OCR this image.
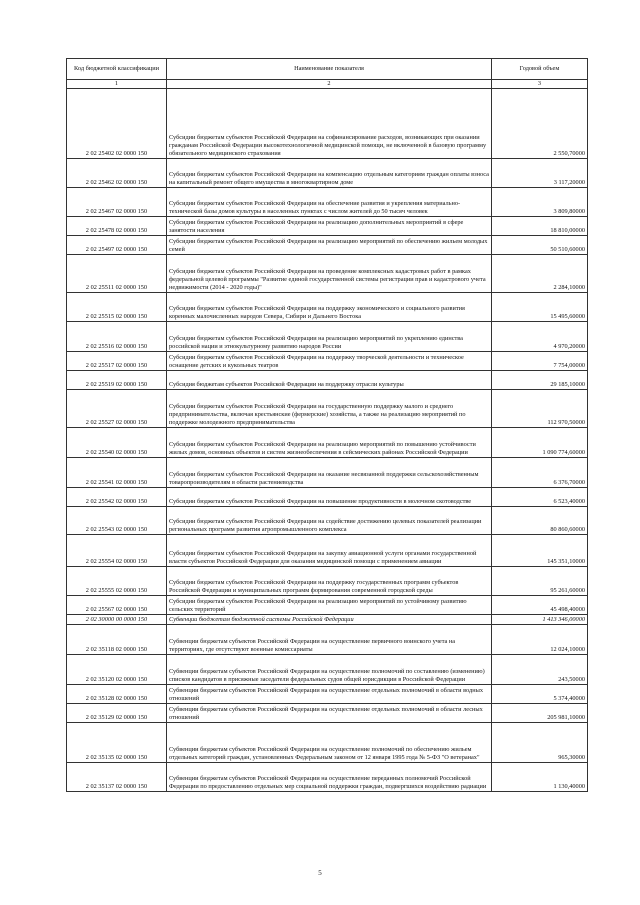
Код бюджетной классификации	Наименование показателя	Годовой объем
1	2	3
2 02 25402 02 0000 150	Субсидии бюджетам субъектов Российской Федерации на софинансирование расходов, возникающих при оказании гражданам Российской Федерации высокотехнологичной медицинской помощи, не включенной в базовую программу обязательного медицинского страхования	2 550,70000
2 02 25462 02 0000 150	Субсидии бюджетам субъектов Российской Федерации на компенсацию отдельным категориям граждан оплаты взноса на капитальный ремонт общего имущества в многоквартирном доме	3 117,20000
2 02 25467 02 0000 150	Субсидии бюджетам субъектов Российской Федерации на обеспечение развития и укрепления материально-технической базы домов культуры в населенных пунктах с числом жителей до 50 тысяч человек	3 809,80000
2 02 25478 02 0000 150	Субсидии бюджетам субъектов Российской Федерации на реализацию дополнительных мероприятий в сфере занятости населения	18 810,00000
2 02 25497 02 0000 150	Субсидии бюджетам субъектов Российской Федерации на реализацию мероприятий по обеспечению жильем молодых семей	50 510,60000
2 02 25511 02 0000 150	Субсидии бюджетам субъектов Российской Федерации на проведение комплексных кадастровых работ в рамках федеральной целевой программы "Развитие единой государственной системы регистрации прав и кадастрового учета недвижимости (2014 - 2020 годы)"	2 284,10000
2 02 25515 02 0000 150	Субсидии бюджетам субъектов Российской Федерации на поддержку экономического и социального развития коренных малочисленных народов Севера, Сибири и Дальнего Востока	15 495,60000
2 02 25516 02 0000 150	Субсидии бюджетам субъектов Российской Федерации на реализацию мероприятий по укреплению единства российской нации и этнокультурному развитию народов России	4 970,20000
2 02 25517 02 0000 150	Субсидии бюджетам субъектов Российской Федерации на поддержку творческой деятельности и техническое оснащение детских и кукольных театров	7 754,00000
2 02 25519 02 0000 150	Субсидия бюджетам субъектов Российской Федерации на поддержку отрасли культуры	29 185,10000
2 02 25527 02 0000 150	Субсидии бюджетам субъектов Российской Федерации на государственную поддержку малого и среднего предпринимательства, включая крестьянские (фермерские) хозяйства, а также на реализацию мероприятий по поддержке молодежного предпринимательства	112 970,50000
2 02 25540 02 0000 150	Субсидии бюджетам субъектов Российской Федерации на реализацию мероприятий по повышению устойчивости жилых домов, основных объектов и систем жизнеобеспечения в сейсмических районах Российской Федерации	1 090 774,60000
2 02 25541 02 0000 150	Субсидии бюджетам субъектов Российской Федерации на оказание несвязанной поддержки сельскохозяйственным товаропроизводителям в области растениеводства	6 376,70000
2 02 25542 02 0000 150	Субсидии бюджетам субъектов Российской Федерации на повышение продуктивности в молочном скотоводстве	6 523,40000
2 02 25543 02 0000 150	Субсидии бюджетам субъектов Российской Федерации на содействие достижению целевых показателей реализации региональных программ развития агропромышленного комплекса	80 860,60000
2 02 25554 02 0000 150	Субсидии бюджетам субъектов Российской Федерации на закупку авиационной услуги органами государственной власти субъектов Российской Федерации для оказания медицинской помощи с применением авиации	145 351,10000
2 02 25555 02 0000 150	Субсидии бюджетам субъектов Российской Федерации на поддержку государственных программ субъектов Российской Федерации и муниципальных программ формирования современной городской среды	95 261,60000
2 02 25567 02 0000 150	Субсидии бюджетам субъектов Российской Федерации на реализацию мероприятий по устойчивому развитию сельских территорий	45 498,40000
2 02 30000 00 0000 150	Субвенции бюджетам бюджетной системы Российской Федерации	1 413 346,00000
2 02 35118 02 0000 150	Субвенции бюджетам субъектов Российской Федерации на осуществление первичного воинского учета на территориях, где отсутствуют военные комиссариаты	12 024,10000
2 02 35120 02 0000 150	Субвенции бюджетам субъектов Российской Федерации на осуществление полномочий по составлению (изменению) списков кандидатов в присяжные заседатели федеральных судов общей юрисдикции в Российской Федерации	243,50000
2 02 35128 02 0000 150	Субвенции бюджетам субъектов Российской Федерации на осуществление отдельных полномочий в области водных отношений	5 374,40000
2 02 35129 02 0000 150	Субвенции бюджетам субъектов Российской Федерации на осуществление отдельных полномочий в области лесных отношений	205 981,10000
2 02 35135 02 0000 150	Субвенции бюджетам субъектов Российской Федерации на осуществление полномочий по обеспечению жильем отдельных категорий граждан, установленных Федеральным законом от 12 января 1995 года № 5-ФЗ "О ветеранах"	965,30000
2 02 35137 02 0000 150	Субвенции бюджетам субъектов Российской Федерации на осуществление переданных полномочий Российской Федерации по предоставлению отдельных мер социальной поддержки граждан, подвергшихся воздействию радиации	1 130,40000
5
